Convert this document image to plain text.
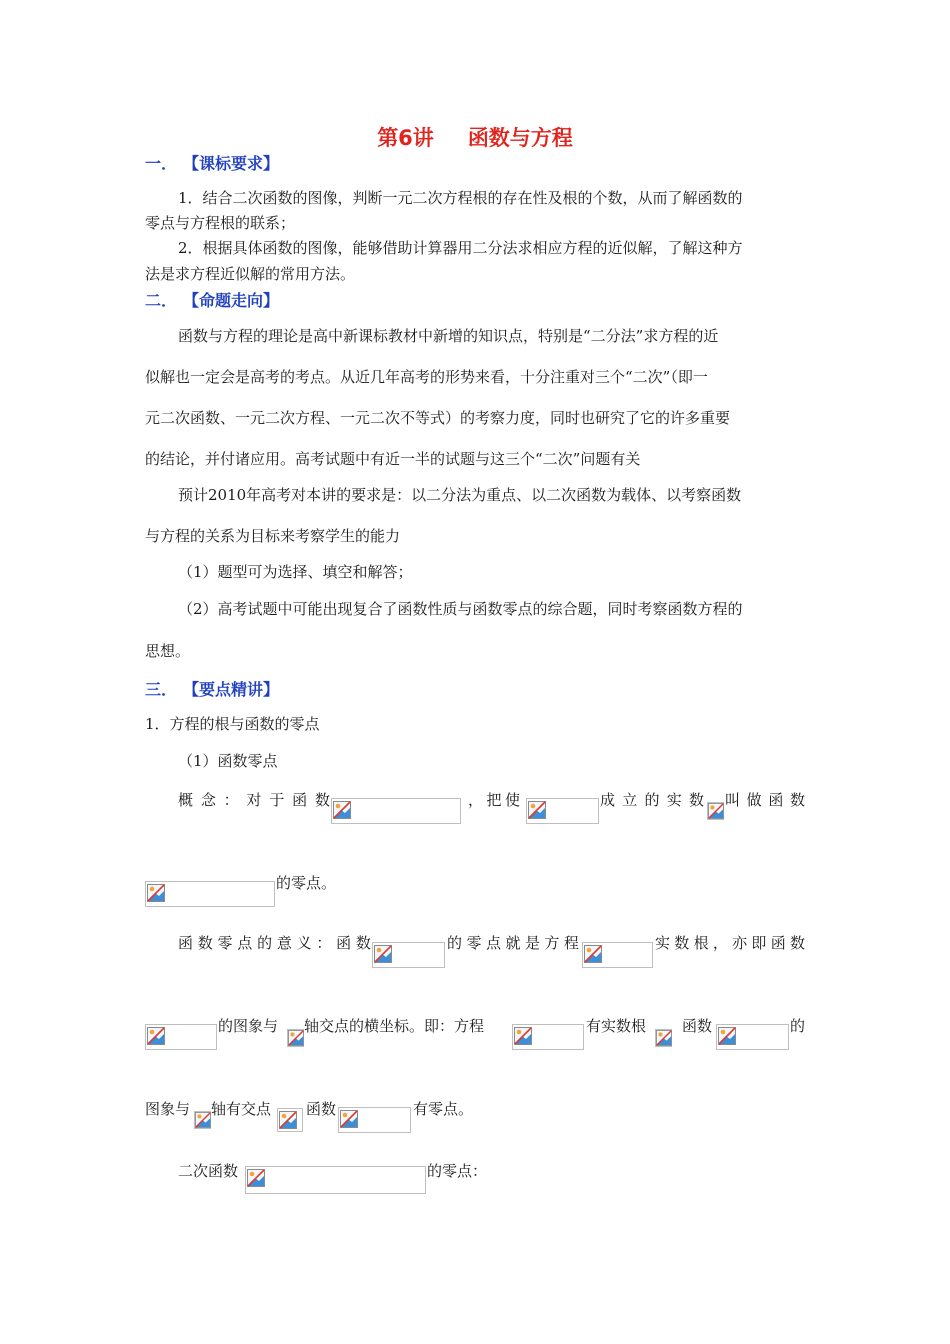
第6讲 函数与方程
一． 【课标要求】
1．结合二次函数的图像，判断一元二次方程根的存在性及根的个数，从而了解函数的
零点与方程根的联系；
2．根据具体函数的图像，能够借助计算器用二分法求相应方程的近似解，了解这种方
法是求方程近似解的常用方法。
二． 【命题走向】
函数与方程的理论是高中新课标教材中新增的知识点，特别是“二分法”求方程的近
似解也一定会是高考的考点。从近几年高考的形势来看，十分注重对三个“二次”（即一
元二次函数、一元二次方程、一元二次不等式）的考察力度，同时也研究了它的许多重要
的结论，并付诸应用。高考试题中有近一半的试题与这三个“二次”问题有关
预计2010年高考对本讲的要求是：以二分法为重点、以二次函数为载体、以考察函数
与方程的关系为目标来考察学生的能力
（1）题型可为选择、填空和解答；
（2）高考试题中可能出现复合了函数性质与函数零点的综合题，同时考察函数方程的
思想。
三． 【要点精讲】
1．方程的根与函数的零点
（1）函数零点
概 念 ： 对 于 函 数	， 把 使	成 立 的 实 数 叫 做 函 数
的零点。
函 数 零 点 的 意 义 ： 函 数	的 零 点 就 是 方 程	实 数 根 ， 亦 即 函 数
的图象与	轴交点的横坐标。即：方程	有实数根	函数	的
图象与	轴有交点	函数	有零点。
二次函数	的零点：
